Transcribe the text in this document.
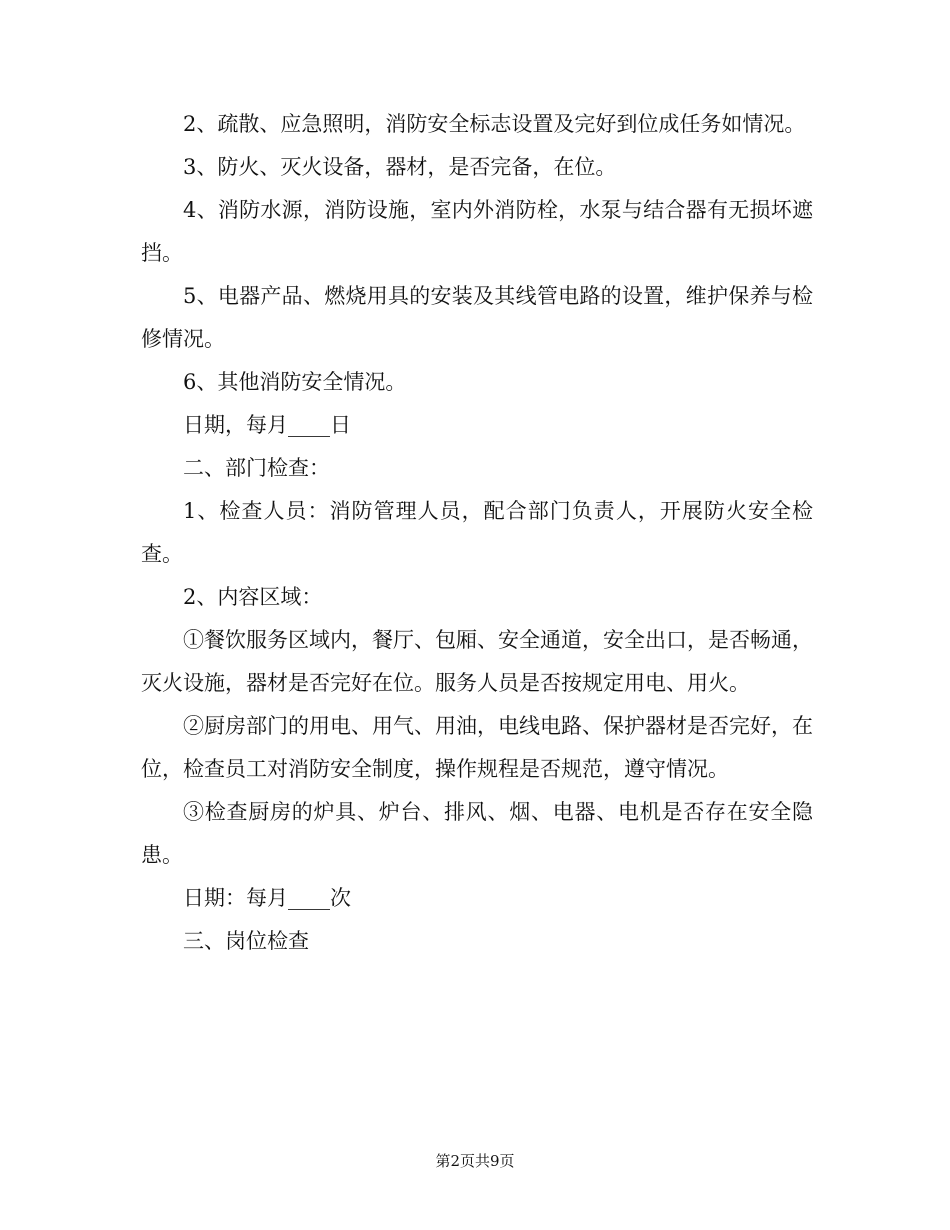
2、疏散、应急照明，消防安全标志设置及完好到位成任务如情况。

3、防火、灭火设备，器材，是否完备，在位。

4、消防水源，消防设施，室内外消防栓，水泵与结合器有无损坏遮挡。

5、电器产品、燃烧用具的安装及其线管电路的设置，维护保养与检修情况。

6、其他消防安全情况。

日期，每月____日

二、部门检查：

1、检查人员：消防管理人员，配合部门负责人，开展防火安全检查。

2、内容区域：

①餐饮服务区域内，餐厅、包厢、安全通道，安全出口，是否畅通，灭火设施，器材是否完好在位。服务人员是否按规定用电、用火。

②厨房部门的用电、用气、用油，电线电路、保护器材是否完好，在位，检查员工对消防安全制度，操作规程是否规范，遵守情况。

③检查厨房的炉具、炉台、排风、烟、电器、电机是否存在安全隐患。

日期：每月____次

三、岗位检查

第2页共9页
